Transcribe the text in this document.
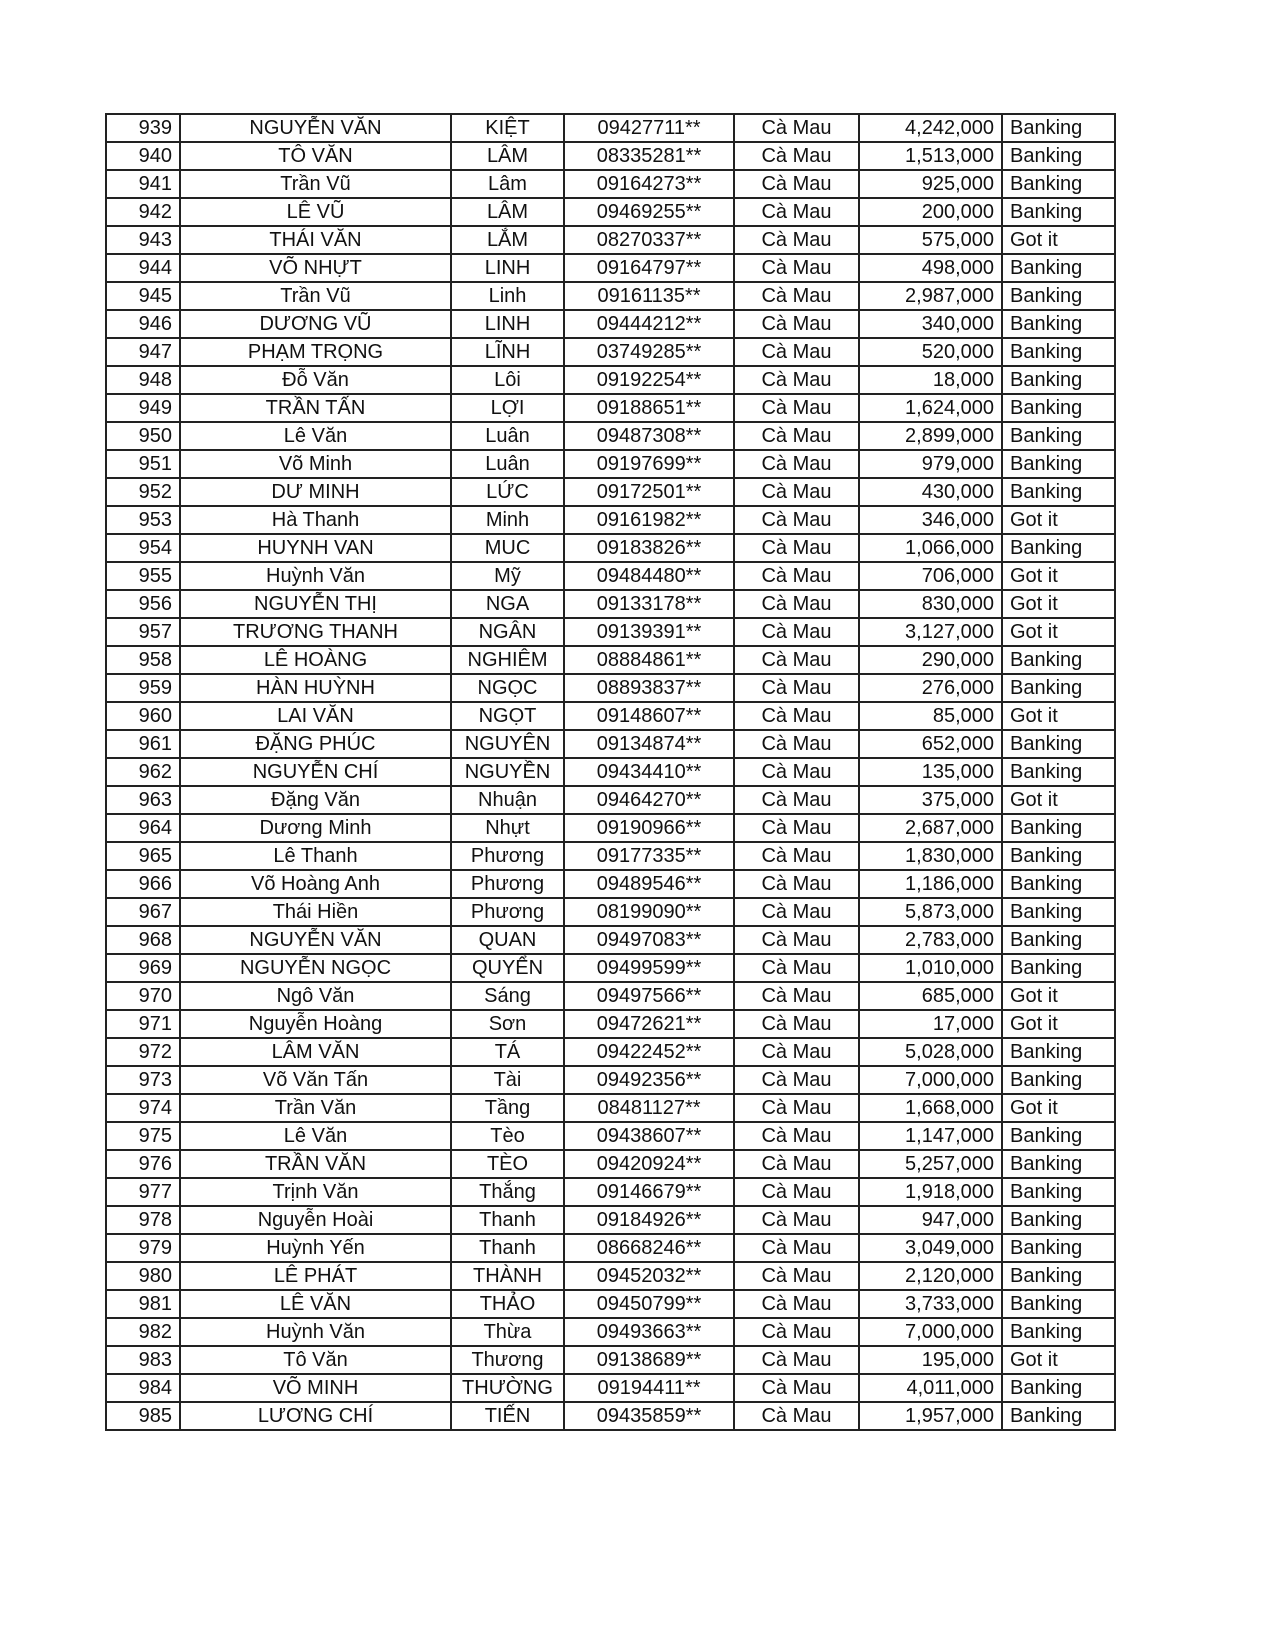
939	NGUYỄN VĂN	KIỆT	09427711**	Cà Mau	4,242,000	Banking
940	TÔ VĂN	LÂM	08335281**	Cà Mau	1,513,000	Banking
941	Trần Vũ	Lâm	09164273**	Cà Mau	925,000	Banking
942	LÊ VŨ	LÂM	09469255**	Cà Mau	200,000	Banking
943	THÁI VĂN	LẮM	08270337**	Cà Mau	575,000	Got it
944	VÕ NHỰT	LINH	09164797**	Cà Mau	498,000	Banking
945	Trần Vũ	Linh	09161135**	Cà Mau	2,987,000	Banking
946	DƯƠNG VŨ	LINH	09444212**	Cà Mau	340,000	Banking
947	PHẠM TRỌNG	LĨNH	03749285**	Cà Mau	520,000	Banking
948	Đỗ Văn	Lôi	09192254**	Cà Mau	18,000	Banking
949	TRẦN TẤN	LỢI	09188651**	Cà Mau	1,624,000	Banking
950	Lê Văn	Luân	09487308**	Cà Mau	2,899,000	Banking
951	Võ Minh	Luân	09197699**	Cà Mau	979,000	Banking
952	DƯ MINH	LỨC	09172501**	Cà Mau	430,000	Banking
953	Hà Thanh	Minh	09161982**	Cà Mau	346,000	Got it
954	HUYNH VAN	MUC	09183826**	Cà Mau	1,066,000	Banking
955	Huỳnh Văn	Mỹ	09484480**	Cà Mau	706,000	Got it
956	NGUYỄN THỊ	NGA	09133178**	Cà Mau	830,000	Got it
957	TRƯƠNG THANH	NGÂN	09139391**	Cà Mau	3,127,000	Got it
958	LÊ HOÀNG	NGHIÊM	08884861**	Cà Mau	290,000	Banking
959	HÀN HUỲNH	NGỌC	08893837**	Cà Mau	276,000	Banking
960	LAI VĂN	NGỌT	09148607**	Cà Mau	85,000	Got it
961	ĐẶNG PHÚC	NGUYÊN	09134874**	Cà Mau	652,000	Banking
962	NGUYỄN CHÍ	NGUYỀN	09434410**	Cà Mau	135,000	Banking
963	Đặng Văn	Nhuận	09464270**	Cà Mau	375,000	Got it
964	Dương Minh	Nhựt	09190966**	Cà Mau	2,687,000	Banking
965	Lê Thanh	Phương	09177335**	Cà Mau	1,830,000	Banking
966	Võ Hoàng Anh	Phương	09489546**	Cà Mau	1,186,000	Banking
967	Thái Hiền	Phương	08199090**	Cà Mau	5,873,000	Banking
968	NGUYỄN VĂN	QUAN	09497083**	Cà Mau	2,783,000	Banking
969	NGUYỄN NGỌC	QUYỂN	09499599**	Cà Mau	1,010,000	Banking
970	Ngô Văn	Sáng	09497566**	Cà Mau	685,000	Got it
971	Nguyễn Hoàng	Sơn	09472621**	Cà Mau	17,000	Got it
972	LÂM VĂN	TÁ	09422452**	Cà Mau	5,028,000	Banking
973	Võ Văn Tấn	Tài	09492356**	Cà Mau	7,000,000	Banking
974	Trần Văn	Tầng	08481127**	Cà Mau	1,668,000	Got it
975	Lê Văn	Tèo	09438607**	Cà Mau	1,147,000	Banking
976	TRẦN VĂN	TÈO	09420924**	Cà Mau	5,257,000	Banking
977	Trịnh Văn	Thắng	09146679**	Cà Mau	1,918,000	Banking
978	Nguyễn Hoài	Thanh	09184926**	Cà Mau	947,000	Banking
979	Huỳnh Yến	Thanh	08668246**	Cà Mau	3,049,000	Banking
980	LÊ PHÁT	THÀNH	09452032**	Cà Mau	2,120,000	Banking
981	LÊ VĂN	THẢO	09450799**	Cà Mau	3,733,000	Banking
982	Huỳnh Văn	Thừa	09493663**	Cà Mau	7,000,000	Banking
983	Tô Văn	Thương	09138689**	Cà Mau	195,000	Got it
984	VÕ MINH	THƯỜNG	09194411**	Cà Mau	4,011,000	Banking
985	LƯƠNG CHÍ	TIẾN	09435859**	Cà Mau	1,957,000	Banking
